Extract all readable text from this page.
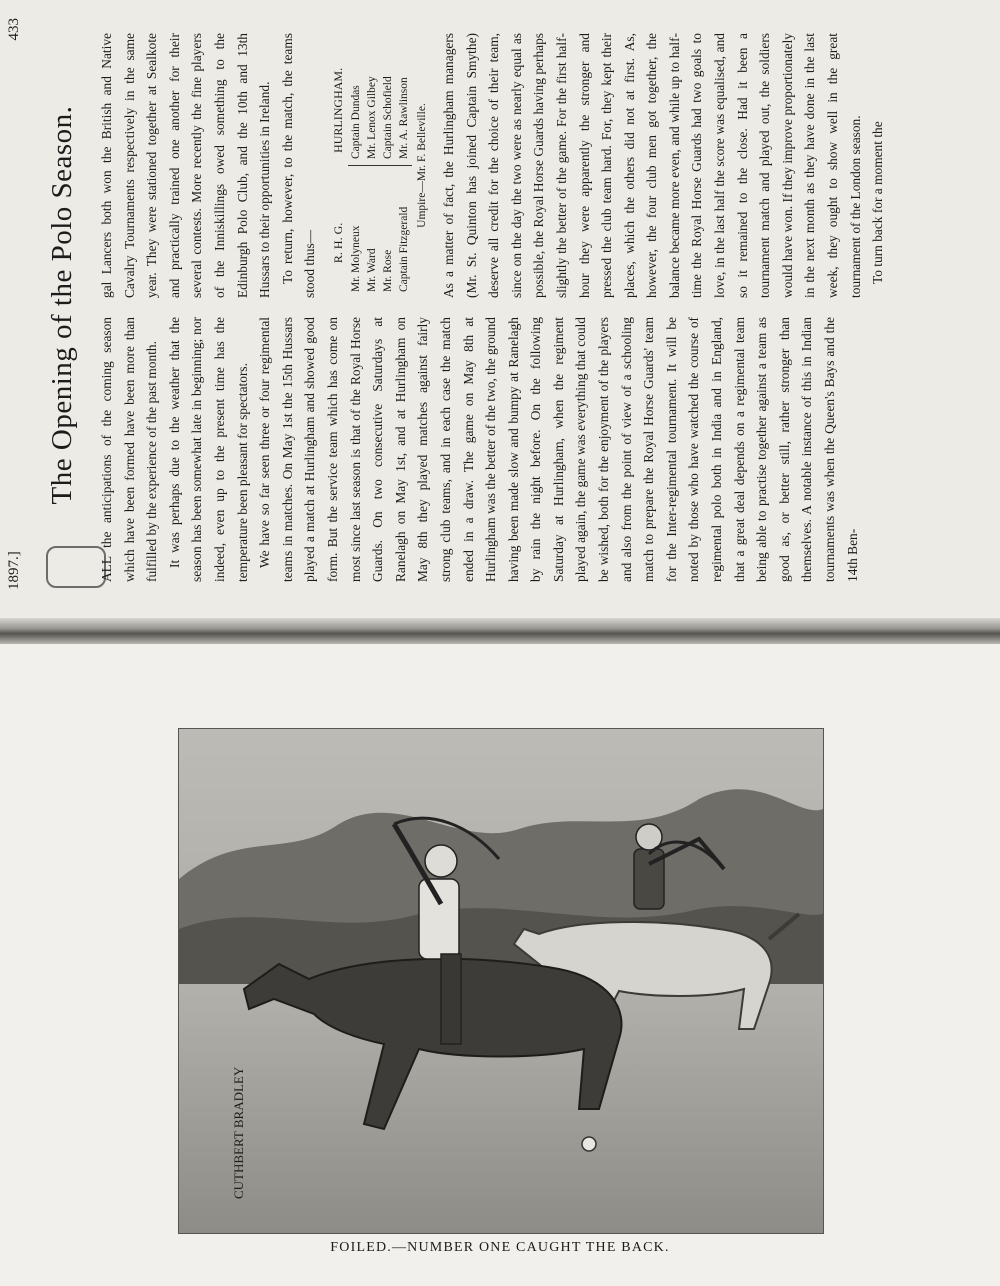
1897.]
433
The Opening of the Polo Season. ALL the anticipations of the coming season which have been formed have been more than fulfilled by the experience of the past month. It was perhaps due to the weather that the season has been somewhat late in beginning; nor indeed, even up to the present time has the temperature been pleasant for spectators. We have so far seen three or four regimental teams in matches. On May 1st the 15th Hussars played a match at Hurlingham and showed good form. But the service team which has come on most since last season is that of the Royal Horse Guards. On two consecutive Saturdays at Ranelagh on May 1st, and at Hurlingham on May 8th they played matches against fairly strong club teams, and in each case the match ended in a draw. The game on May 8th at Hurlingham was the better of the two, the ground having been made slow and bumpy at Ranelagh by rain the night before. On the following Saturday at Hurlingham, when the regiment played again, the game was everything that could be wished, both for the enjoyment of the players and also from the point of view of a schooling match to prepare the Royal Horse Guards' team for the Inter-regimental tournament. It will be noted by those who have watched the course of regimental polo both in India and in England, that a great deal depends on a regimental team being able to practise together against a team as good as, or better still, rather stronger than themselves. A notable instance of this in Indian tournaments was when the Queen's Bays and the 14th Ben-

gal Lancers both won the British and Native Cavalry Tournaments respectively in the same year. They were stationed together at Sealkote and practically trained one another for their several contests. More recently the fine players of the Inniskillings owed something to the Edinburgh Polo Club, and the 10th and 13th Hussars to their opportunities in Ireland. To return, however, to the match, the teams stood thus—	R. H. G.
HURLINGHAM.
Mr. Molyneux Mr. Ward Mr. Rose Captain Fitzgerald
Captain Dundas Mr. Lenox Gilbey Captain Schofield Mr. A. Rawlinson Umpire—Mr. F. Belleville. As a matter of fact, the Hurlingham managers (Mr. St. Quinton has joined Captain Smythe) deserve all credit for the choice of their team, since on the day the two were as nearly equal as possible, the Royal Horse Guards having perhaps slightly the better of the game. For the first half-hour they were apparently the stronger and pressed the club team hard. For, they kept their places, which the others did not at first. As, however, the four club men got together, the balance became more even, and while up to half-time the Royal Horse Guards had two goals to love, in the last half the score was equalised, and so it remained to the close. Had it been a tournament match and played out, the soldiers would have won. If they improve proportionately in the next month as they have done in the last week, they ought to show well in the great tournament of the London season. To turn back for a moment the

CUTHBERT BRADLEY
FOILED.—NUMBER ONE CAUGHT THE BACK.
